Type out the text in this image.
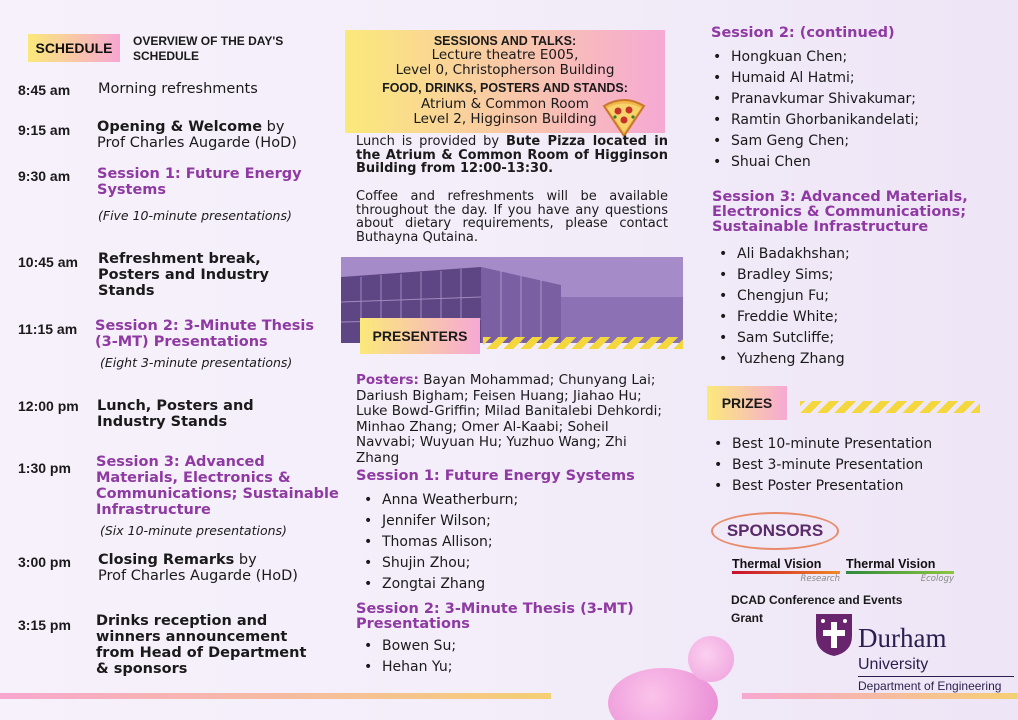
SCHEDULE	OVERVIEW OF THE DAY'S SCHEDULE
8:45 am Morning refreshments
9:15 am Opening & Welcome by
Prof Charles Augarde (HoD)
9:30 am Session 1: Future Energy Systems
(Five 10-minute presentations)
10:45 am Refreshment break, Posters and Industry Stands
11:15 am Session 2: 3-Minute Thesis (3-MT) Presentations
(Eight 3-minute presentations)
12:00 pm Lunch, Posters and Industry Stands
1:30 pm Session 3: Advanced Materials, Electronics & Communications; Sustainable Infrastructure
(Six 10-minute presentations)
3:00 pm Closing Remarks by
Prof Charles Augarde (HoD)
3:15 pm Drinks reception and winners announcement from Head of Department & sponsors
SESSIONS AND TALKS:
Lecture theatre E005,
Level 0, Christopherson Building
FOOD, DRINKS, POSTERS AND STANDS:
Atrium & Common Room
Level 2, Higginson Building
Lunch is provided by Bute Pizza located in the Atrium & Common Room of Higginson Building from 12:00-13:30.
Coffee and refreshments will be available throughout the day. If you have any questions about dietary requirements, please contact Buthayna Qutaina.
PRESENTERS
Posters: Bayan Mohammad; Chunyang Lai; Dariush Bigham; Feisen Huang; Jiahao Hu; Luke Bowd-Griffin; Milad Banitalebi Dehkordi; Minhao Zhang; Omer Al-Kaabi; Soheil Navvabi; Wuyuan Hu; Yuzhuo Wang; Zhi Zhang
Session 1: Future Energy Systems
• Anna Weatherburn;
• Jennifer Wilson;
• Thomas Allison;
• Shujin Zhou;
• Zongtai Zhang
Session 2: 3-Minute Thesis (3-MT) Presentations
• Bowen Su;
• Hehan Yu;
Session 2: (continued)
• Hongkuan Chen;
• Humaid Al Hatmi;
• Pranavkumar Shivakumar;
• Ramtin Ghorbanikandelati;
• Sam Geng Chen;
• Shuai Chen
Session 3: Advanced Materials, Electronics & Communications; Sustainable Infrastructure
• Ali Badakhshan;
• Bradley Sims;
• Chengjun Fu;
• Freddie White;
• Sam Sutcliffe;
• Yuzheng Zhang
PRIZES
• Best 10-minute Presentation
• Best 3-minute Presentation
• Best Poster Presentation
SPONSORS
Thermal Vision
Research
Thermal Vision
Ecology
DCAD Conference and Events Grant
Durham
University
Department of Engineering
